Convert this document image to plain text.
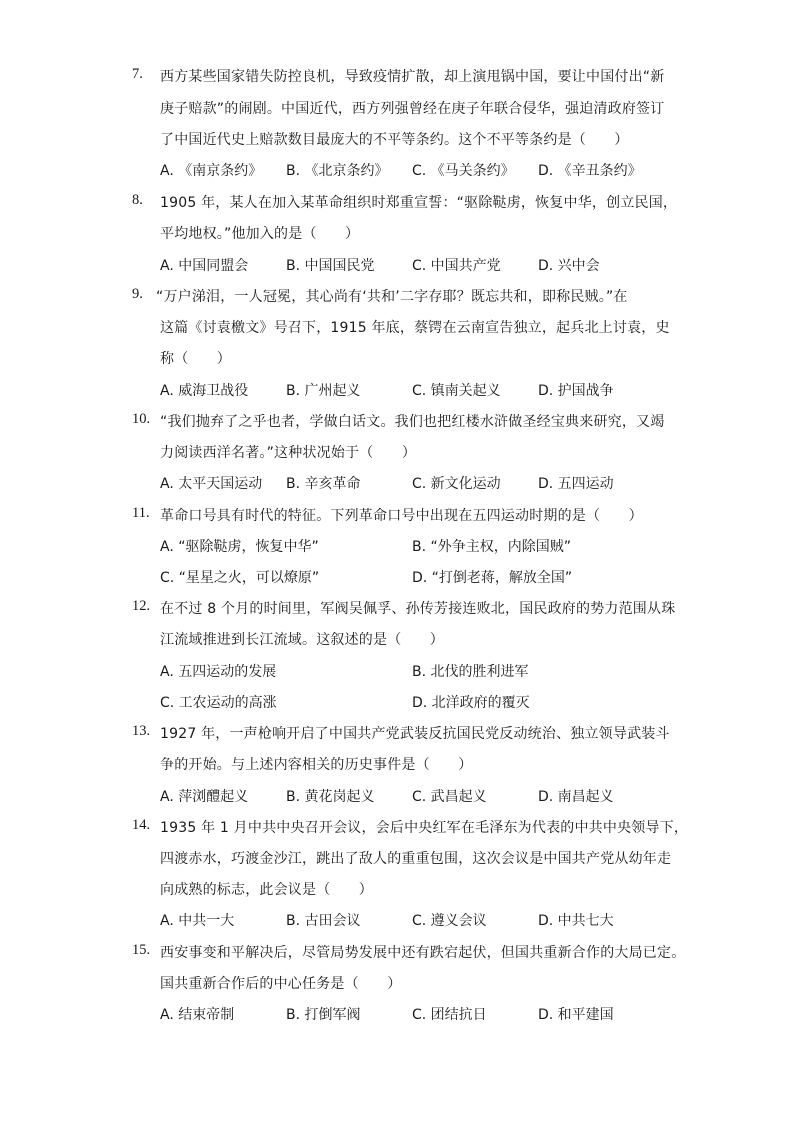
7. 西方某些国家错失防控良机，导致疫情扩散，却上演甩锅中国，要让中国付出“新
庚子赔款”的闹剧。中国近代，西方列强曾经在庚子年联合侵华，强迫清政府签订
了中国近代史上赔款数目最庞大的不平等条约。这个不平等条约是（　　）
A. 《南京条约》 B. 《北京条约》 C. 《马关条约》 D. 《辛丑条约》
8. 1905 年，某人在加入某革命组织时郑重宣誓：“驱除鞑虏，恢复中华，创立民国，
平均地权。”他加入的是（　　）
A. 中国同盟会	B. 中国国民党	C. 中国共产党	D. 兴中会
9. “万户涕泪，一人冠冕，其心尚有‘共和’二字存耶？既忘共和，即称民贼。”在
这篇《讨袁檄文》号召下，1915 年底，蔡锷在云南宣告独立，起兵北上讨袁，史
称（　　）
A. 威海卫战役	B. 广州起义	C. 镇南关起义	D. 护国战争
10. “我们抛弃了之乎也者，学做白话文。我们也把红楼水浒做圣经宝典来研究，又竭
力阅读西洋名著。”这种状况始于（　　）
A. 太平天国运动 B. 辛亥革命	C. 新文化运动	D. 五四运动
11. 革命口号具有时代的特征。下列革命口号中出现在五四运动时期的是（　　）
A. “驱除鞑虏，恢复中华”	B. “外争主权，内除国贼”
C. “星星之火，可以燎原”	D. “打倒老蒋，解放全国”
12. 在不过 8 个月的时间里，军阀吴佩孚、孙传芳接连败北，国民政府的势力范围从珠
江流域推进到长江流域。这叙述的是（　　）
A. 五四运动的发展	B. 北伐的胜利进军
C. 工农运动的高涨	D. 北洋政府的覆灭
13. 1927 年，一声枪响开启了中国共产党武装反抗国民党反动统治、独立领导武装斗
争的开始。与上述内容相关的历史事件是（　　）
A. 萍浏醴起义	B. 黄花岗起义	C. 武昌起义	D. 南昌起义
14. 1935 年 1 月中共中央召开会议，会后中央红军在毛泽东为代表的中共中央领导下，
四渡赤水，巧渡金沙江，跳出了敌人的重重包围，这次会议是中国共产党从幼年走
向成熟的标志，此会议是（　　）
A. 中共一大	B. 古田会议	C. 遵义会议	D. 中共七大
15. 西安事变和平解决后，尽管局势发展中还有跌宕起伏，但国共重新合作的大局已定。
国共重新合作后的中心任务是（　　）
A. 结束帝制	B. 打倒军阀	C. 团结抗日	D. 和平建国
